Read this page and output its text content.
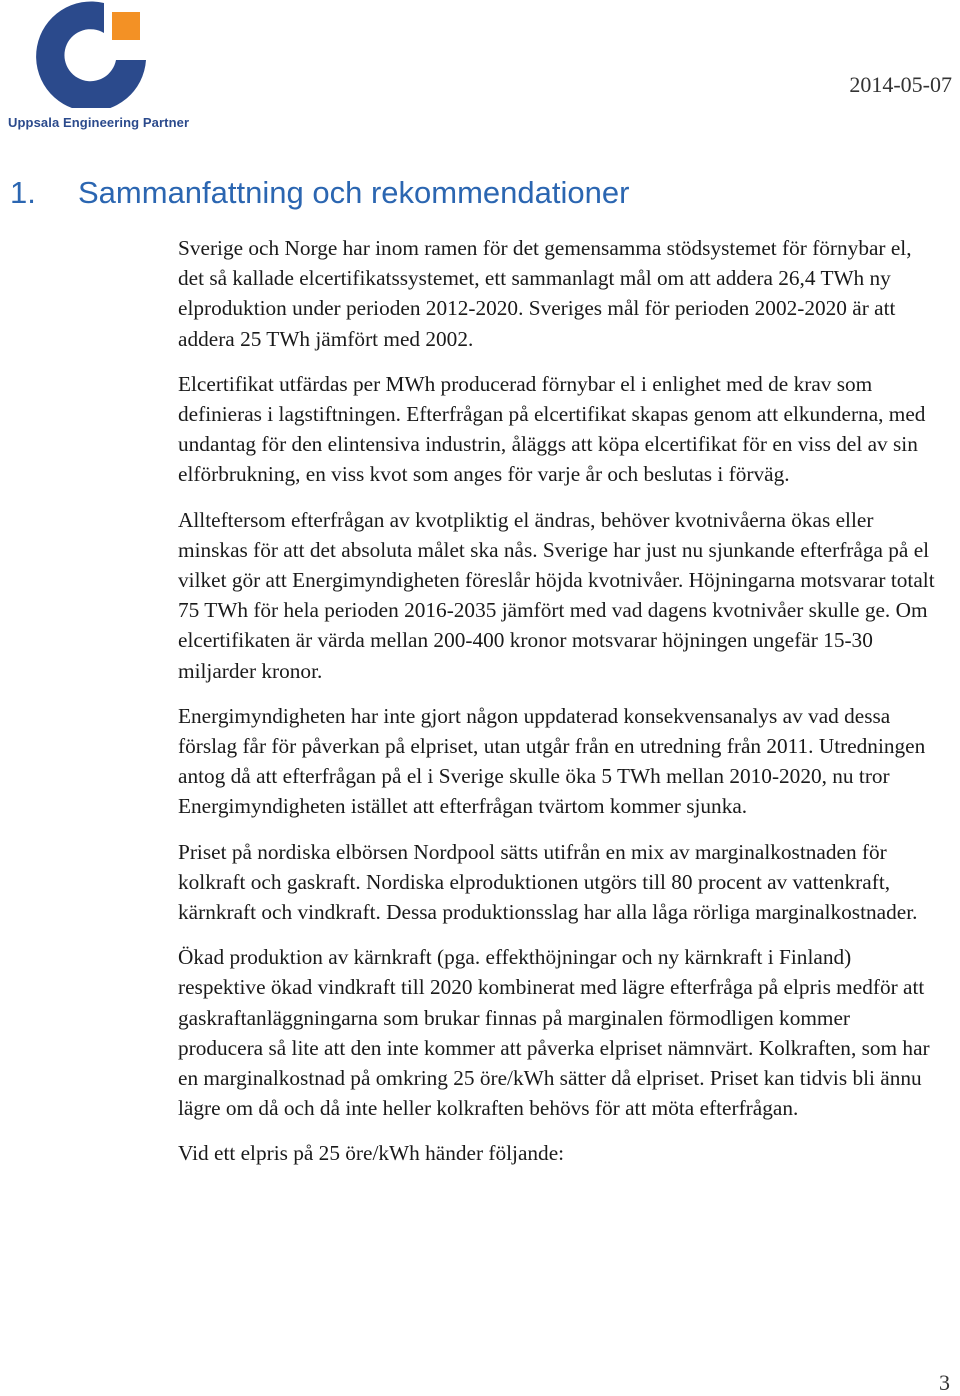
Uppsala Engineering Partner
2014-05-07
1. Sammanfattning och rekommendationer

Sverige och Norge har inom ramen för det gemensamma stödsystemet för förnybar el, det så kallade elcertifikatssystemet, ett sammanlagt mål om att addera 26,4 TWh ny elproduktion under perioden 2012-2020. Sveriges mål för perioden 2002-2020 är att addera 25 TWh jämfört med 2002.

Elcertifikat utfärdas per MWh producerad förnybar el i enlighet med de krav som definieras i lagstiftningen. Efterfrågan på elcertifikat skapas genom att elkunderna, med undantag för den elintensiva industrin, åläggs att köpa elcertifikat för en viss del av sin elförbrukning, en viss kvot som anges för varje år och beslutas i förväg.

Allteftersom efterfrågan av kvotpliktig el ändras, behöver kvotnivåerna ökas eller minskas för att det absoluta målet ska nås. Sverige har just nu sjunkande efterfråga på el vilket gör att Energimyndigheten föreslår höjda kvotnivåer. Höjningarna motsvarar totalt 75 TWh för hela perioden 2016-2035 jämfört med vad dagens kvotnivåer skulle ge. Om elcertifikaten är värda mellan 200-400 kronor motsvarar höjningen ungefär 15-30 miljarder kronor.

Energimyndigheten har inte gjort någon uppdaterad konsekvensanalys av vad dessa förslag får för påverkan på elpriset, utan utgår från en utredning från 2011. Utredningen antog då att efterfrågan på el i Sverige skulle öka 5 TWh mellan 2010-2020, nu tror Energimyndigheten istället att efterfrågan tvärtom kommer sjunka.

Priset på nordiska elbörsen Nordpool sätts utifrån en mix av marginalkostnaden för kolkraft och gaskraft. Nordiska elproduktionen utgörs till 80 procent av vattenkraft, kärnkraft och vindkraft. Dessa produktionsslag har alla låga rörliga marginalkostnader.

Ökad produktion av kärnkraft (pga. effekthöjningar och ny kärnkraft i Finland) respektive ökad vindkraft till 2020 kombinerat med lägre efterfråga på elpris medför att gaskraftanläggningarna som brukar finnas på marginalen förmodligen kommer producera så lite att den inte kommer att påverka elpriset nämnvärt. Kolkraften, som har en marginalkostnad på omkring 25 öre/kWh sätter då elpriset. Priset kan tidvis bli ännu lägre om då och då inte heller kolkraften behövs för att möta efterfrågan.

Vid ett elpris på 25 öre/kWh händer följande:

3
